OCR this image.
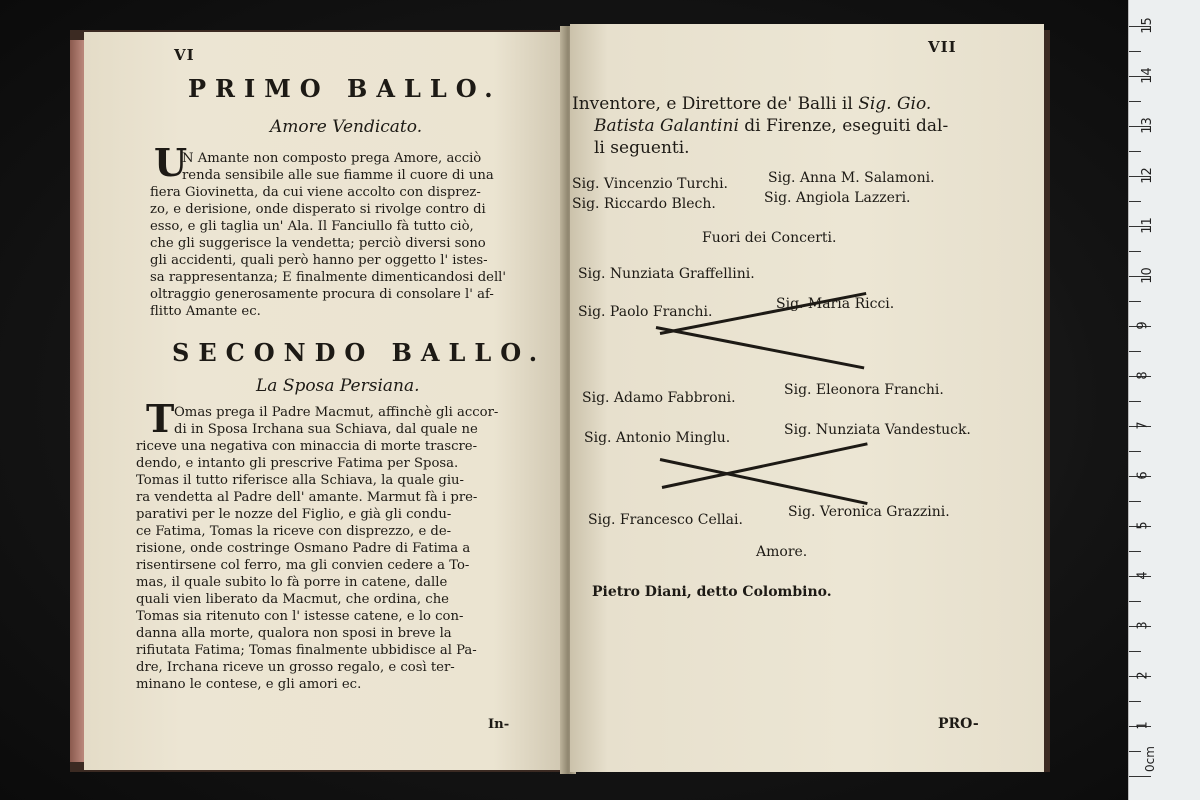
VI
PRIMO BALLO.
Amore Vendicato.
U
N Amante non composto prega Amore, acciò
renda sensibile alle sue fiamme il cuore di una
fiera Giovinetta, da cui viene accolto con disprez-
zo, e derisione, onde disperato si rivolge contro di
esso, e gli taglia un' Ala. Il Fanciullo fà tutto ciò,
che gli suggerisce la vendetta; perciò diversi sono
gli accidenti, quali però hanno per oggetto l' istes-
sa rappresentanza; E finalmente dimenticandosi dell'
oltraggio generosamente procura di consolare l' af-
flitto Amante ec.
SECONDO BALLO.
La Sposa Persiana.
T Omas prega il Padre Macmut, affinchè gli accor-
di in Sposa Irchana sua Schiava, dal quale ne
riceve una negativa con minaccia di morte trascre-
dendo, e intanto gli prescrive Fatima per Sposa.
Tomas il tutto riferisce alla Schiava, la quale giu-
ra vendetta al Padre dell' amante. Marmut fà i pre-
parativi per le nozze del Figlio, e già gli condu-
ce Fatima, Tomas la riceve con disprezzo, e de-
risione, onde costringe Osmano Padre di Fatima a
risentirsene col ferro, ma gli convien cedere a To-
mas, il quale subito lo fà porre in catene, dalle
quali vien liberato da Macmut, che ordina, che
Tomas sia ritenuto con l' istesse catene, e lo con-
danna alla morte, qualora non sposi in breve la
rifiutata Fatima; Tomas finalmente ubbidisce al Pa-
dre, Irchana riceve un grosso regalo, e così ter-
minano le contese, e gli amori ec.
In-
VII
Inventore, e Direttore de' Balli il Sig. Gio.
Batista Galantini di Firenze, eseguiti dal-
li seguenti.
Sig. Vincenzio Turchi.	Sig. Anna M. Salamoni.
Sig. Riccardo Blech.	Sig. Angiola Lazzeri.
Fuori dei Concerti.
Sig. Nunziata Graffellini.
Sig. Paolo Franchi.	Sig. Maria Ricci.
Sig. Adamo Fabbroni.	Sig. Eleonora Franchi.
Sig. Antonio Minglu.	Sig. Nunziata Vandestuck.
Sig. Francesco Cellai.	Sig. Veronica Grazzini.
Amore.
Pietro Diani, detto Colombino.
PRO-	1
2
3
4
5
6
7
8
9
10
11
12
13
14
15
0cm
